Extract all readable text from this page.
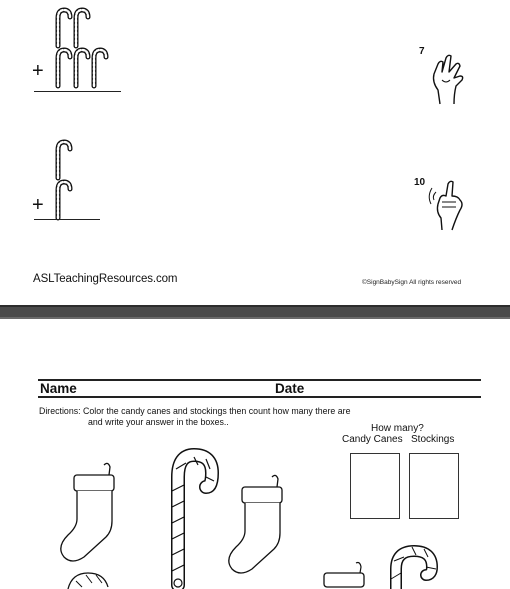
+
7
+
10
ASLTeachingResources.com	©SignBabySign All rights reserved
Name	Date
Directions: Color the candy canes and stockings then count how many there are
and write your answer in the boxes..
How many?
Candy Canes Stockings
